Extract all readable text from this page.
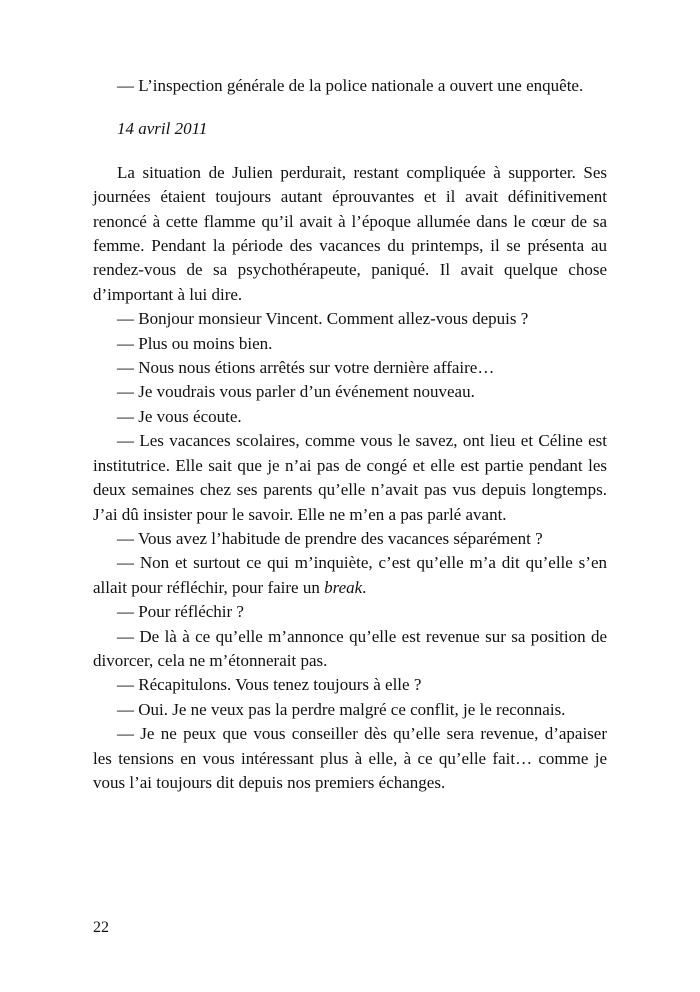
— L’inspection générale de la police nationale a ouvert une enquête.

14 avril 2011

La situation de Julien perdurait, restant compliquée à supporter. Ses journées étaient toujours autant éprouvantes et il avait définitivement renoncé à cette flamme qu’il avait à l’époque allumée dans le cœur de sa femme. Pendant la période des vacances du printemps, il se présenta au rendez-vous de sa psychothérapeute, paniqué. Il avait quelque chose d’important à lui dire.

— Bonjour monsieur Vincent. Comment allez-vous depuis ?

— Plus ou moins bien.

— Nous nous étions arrêtés sur votre dernière affaire…

— Je voudrais vous parler d’un événement nouveau.

— Je vous écoute.

— Les vacances scolaires, comme vous le savez, ont lieu et Céline est institutrice. Elle sait que je n’ai pas de congé et elle est partie pendant les deux semaines chez ses parents qu’elle n’avait pas vus depuis longtemps. J’ai dû insister pour le savoir. Elle ne m’en a pas parlé avant.

— Vous avez l’habitude de prendre des vacances séparément ?

— Non et surtout ce qui m’inquiète, c’est qu’elle m’a dit qu’elle s’en allait pour réfléchir, pour faire un break.

— Pour réfléchir ?

— De là à ce qu’elle m’annonce qu’elle est revenue sur sa position de divorcer, cela ne m’étonnerait pas.

— Récapitulons. Vous tenez toujours à elle ?

— Oui. Je ne veux pas la perdre malgré ce conflit, je le reconnais.

— Je ne peux que vous conseiller dès qu’elle sera revenue, d’apaiser les tensions en vous intéressant plus à elle, à ce qu’elle fait… comme je vous l’ai toujours dit depuis nos premiers échanges.

22
